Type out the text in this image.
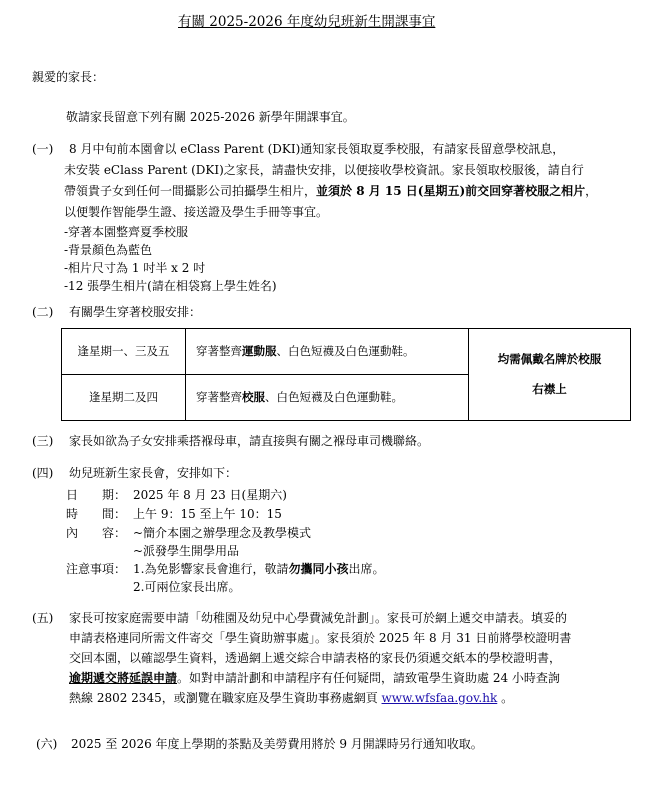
有關 2025-2026 年度幼兒班新生開課事宜
親愛的家長：
敬請家長留意下列有關 2025-2026 新學年開課事宜。
(一) 8 月中旬前本園會以 eClass Parent (DKI)通知家長領取夏季校服，有請家長留意學校訊息，
未安裝 eClass Parent (DKI)之家長，請盡快安排，以便接收學校資訊。家長領取校服後，請自行
帶領貴子女到任何一間攝影公司拍攝學生相片，並須於 8 月 15 日(星期五)前交回穿著校服之相片，
以便製作智能學生證、接送證及學生手冊等事宜。
-穿著本園整齊夏季校服
-背景顏色為藍色
-相片尺寸為 1 吋半 x 2 吋
-12 張學生相片(請在相袋寫上學生姓名)
(二) 有關學生穿著校服安排：
逢星期一、三及五	穿著整齊運動服、白色短襪及白色運動鞋。	均需佩戴名牌於校服
右襟上
逢星期二及四	穿著整齊校服、白色短襪及白色運動鞋。	
(三) 家長如欲為子女安排乘搭褓母車，請直接與有關之褓母車司機聯絡。
(四) 幼兒班新生家長會，安排如下：
日　　期： 2025 年 8 月 23 日(星期六)
時　　間： 上午 9：15 至上午 10：15
內　　容： ~簡介本園之辦學理念及教學模式
~派發學生開學用品
注意事項： 1.為免影響家長會進行，敬請勿攜同小孩出席。
2.可兩位家長出席。
(五) 家長可按家庭需要申請「幼稚園及幼兒中心學費減免計劃」。家長可於網上遞交申請表。填妥的
申請表格連同所需文件寄交「學生資助辦事處」。家長須於 2025 年 8 月 31 日前將學校證明書
交回本園，以確認學生資料，透過網上遞交綜合申請表格的家長仍須遞交紙本的學校證明書，
逾期遞交將延誤申請。如對申請計劃和申請程序有任何疑問，請致電學生資助處 24 小時查詢
熱線 2802 2345，或瀏覽在職家庭及學生資助事務處網頁 www.wfsfaa.gov.hk 。
(六) 2025 至 2026 年度上學期的茶點及美勞費用將於 9 月開課時另行通知收取。
